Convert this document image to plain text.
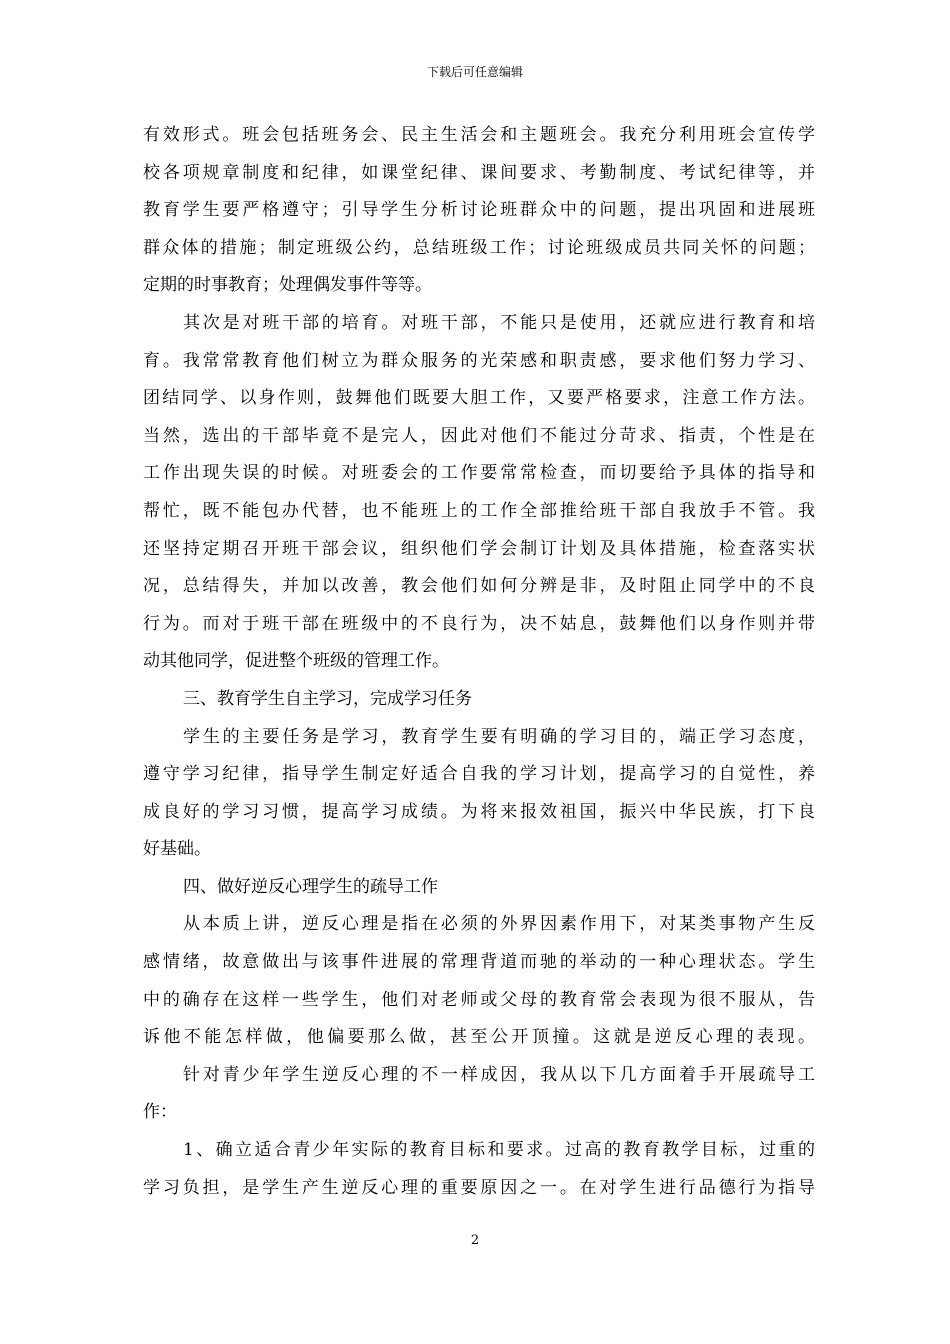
下载后可任意编辑
有效形式。班会包括班务会、民主生活会和主题班会。我充分利用班会宣传学
校各项规章制度和纪律，如课堂纪律、课间要求、考勤制度、考试纪律等，并
教育学生要严格遵守；引导学生分析讨论班群众中的问题，提出巩固和进展班
群众体的措施；制定班级公约，总结班级工作；讨论班级成员共同关怀的问题；
定期的时事教育；处理偶发事件等等。
其次是对班干部的培育。对班干部，不能只是使用，还就应进行教育和培
育。我常常教育他们树立为群众服务的光荣感和职责感，要求他们努力学习、
团结同学、以身作则，鼓舞他们既要大胆工作，又要严格要求，注意工作方法。
当然，选出的干部毕竟不是完人，因此对他们不能过分苛求、指责，个性是在
工作出现失误的时候。对班委会的工作要常常检查，而切要给予具体的指导和
帮忙，既不能包办代替，也不能班上的工作全部推给班干部自我放手不管。我
还坚持定期召开班干部会议，组织他们学会制订计划及具体措施，检查落实状
况，总结得失，并加以改善，教会他们如何分辨是非，及时阻止同学中的不良
行为。而对于班干部在班级中的不良行为，决不姑息，鼓舞他们以身作则并带
动其他同学，促进整个班级的管理工作。
三、教育学生自主学习，完成学习任务
学生的主要任务是学习，教育学生要有明确的学习目的，端正学习态度，
遵守学习纪律，指导学生制定好适合自我的学习计划，提高学习的自觉性，养
成良好的学习习惯，提高学习成绩。为将来报效祖国，振兴中华民族，打下良
好基础。
四、做好逆反心理学生的疏导工作
从本质上讲，逆反心理是指在必须的外界因素作用下，对某类事物产生反
感情绪，故意做出与该事件进展的常理背道而驰的举动的一种心理状态。学生
中的确存在这样一些学生，他们对老师或父母的教育常会表现为很不服从，告
诉他不能怎样做，他偏要那么做，甚至公开顶撞。这就是逆反心理的表现。
针对青少年学生逆反心理的不一样成因，我从以下几方面着手开展疏导工
作：
1、确立适合青少年实际的教育目标和要求。过高的教育教学目标，过重的
学习负担，是学生产生逆反心理的重要原因之一。在对学生进行品德行为指导
2
